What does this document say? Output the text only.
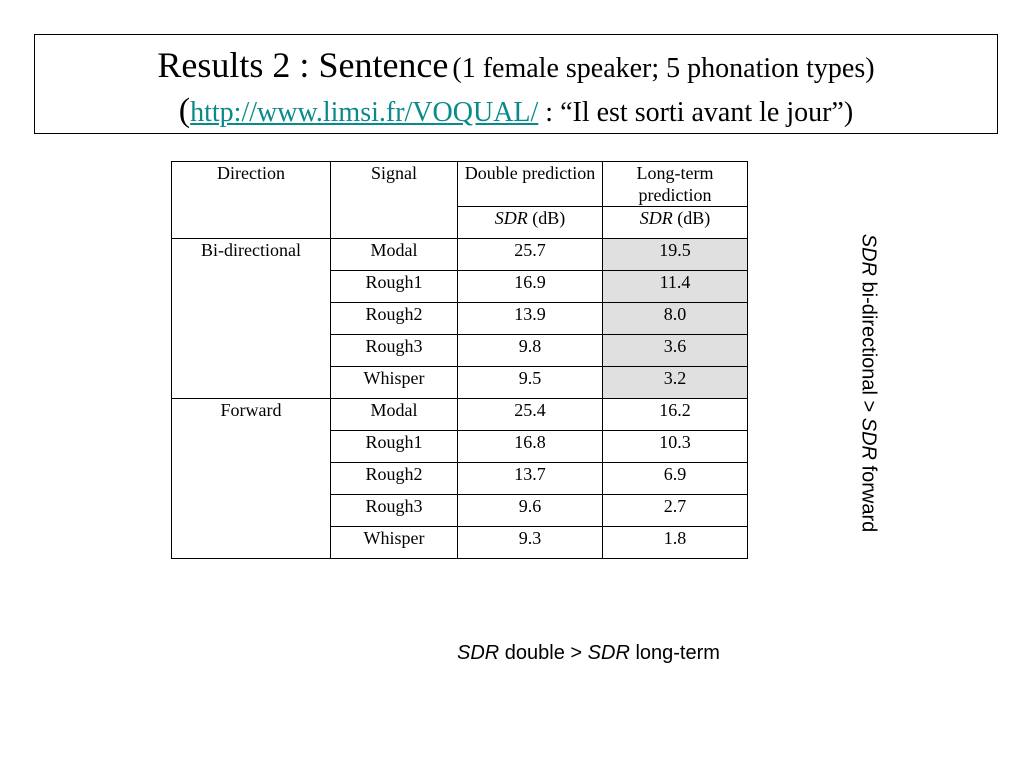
Results 2 : Sentence (1 female speaker; 5 phonation types)
(http://www.limsi.fr/VOQUAL/ : “Il est sorti avant le jour”)
Direction	Signal	Double prediction	Long-term prediction
		SDR (dB)	SDR (dB)
Bi-directional	Modal	25.7	19.5
	Rough1	16.9	11.4
	Rough2	13.9	8.0
	Rough3	9.8	3.6
	Whisper	9.5	3.2
Forward	Modal	25.4	16.2
	Rough1	16.8	10.3
	Rough2	13.7	6.9
	Rough3	9.6	2.7
	Whisper	9.3	1.8
SDR bi-directional > SDR forward
SDR double > SDR long-term
